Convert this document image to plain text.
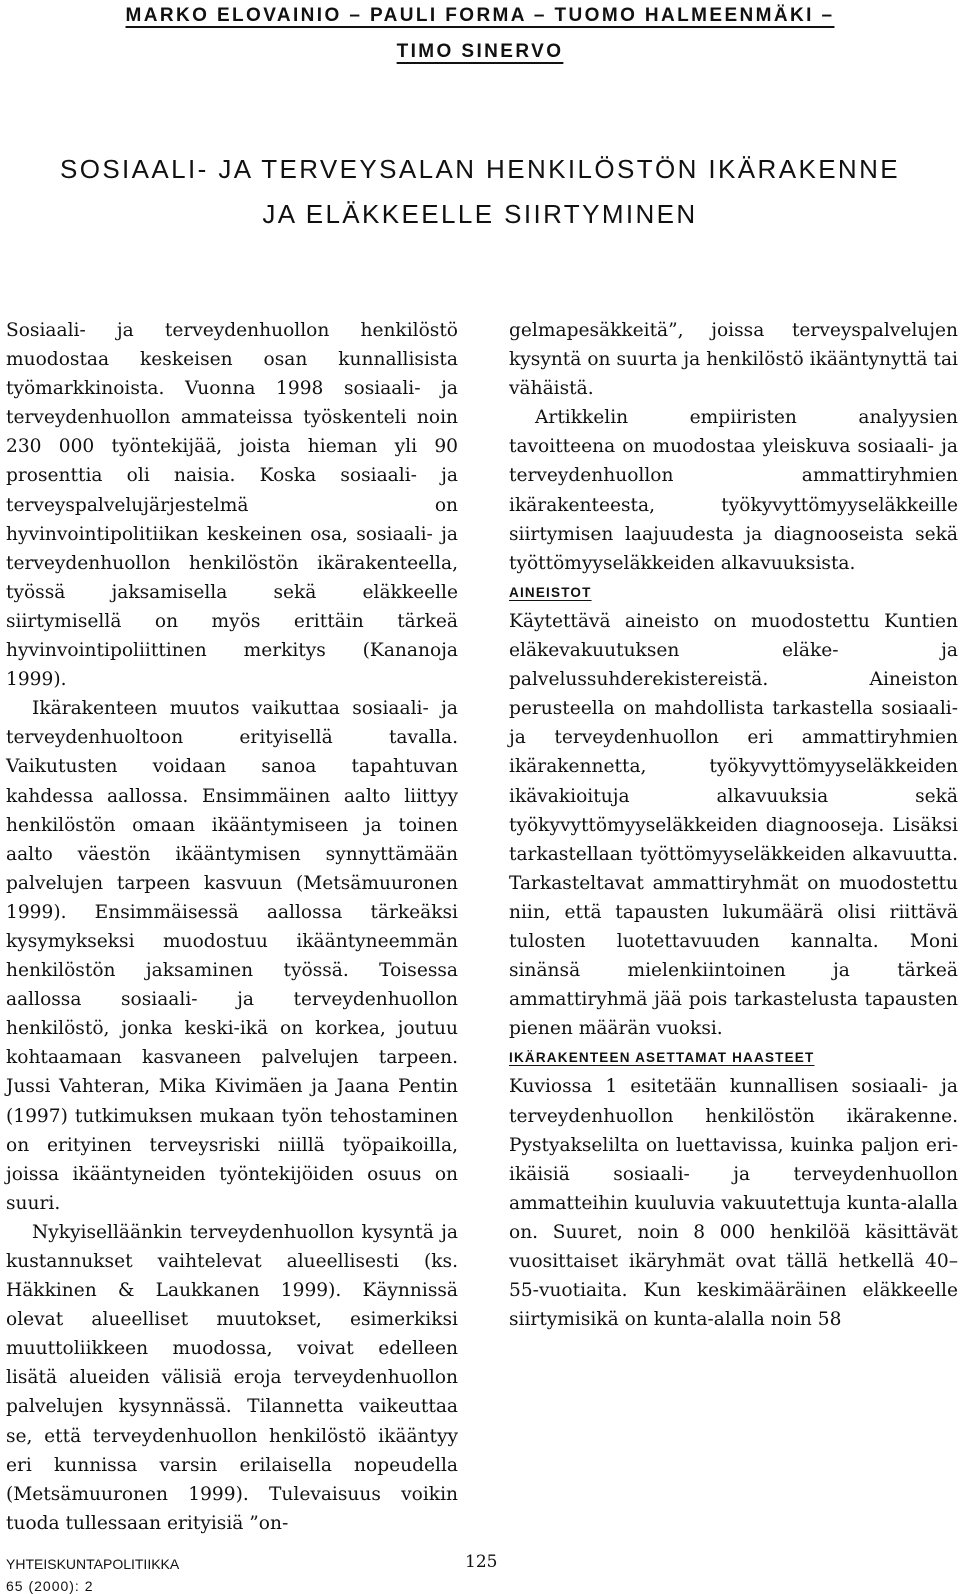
MARKO ELOVAINIO – PAULI FORMA – TUOMO HALMEENMÄKI –

TIMO SINERVO

SOSIAALI- JA TERVEYSALAN HENKILÖSTÖN IKÄRAKENNE
JA ELÄKKEELLE SIIRTYMINEN

Sosiaali- ja terveydenhuollon henkilöstö muodostaa keskeisen osan kunnallisista työmarkkinoista. Vuonna 1998 sosiaali- ja terveydenhuollon ammateissa työskenteli noin 230 000 työntekijää, joista hieman yli 90 prosenttia oli naisia. Koska sosiaali- ja terveyspalvelujärjestelmä on hyvinvointipolitiikan keskeinen osa, sosiaali- ja terveydenhuollon henkilöstön ikärakenteella, työssä jaksamisella sekä eläkkeelle siirtymisellä on myös erittäin tärkeä hyvinvointipoliittinen merkitys (Kananoja 1999).

Ikärakenteen muutos vaikuttaa sosiaali- ja terveydenhuoltoon erityisellä tavalla. Vaikutusten voidaan sanoa tapahtuvan kahdessa aallossa. Ensimmäinen aalto liittyy henkilöstön omaan ikääntymiseen ja toinen aalto väestön ikääntymisen synnyttämään palvelujen tarpeen kasvuun (Metsämuuronen 1999). Ensimmäisessä aallossa tärkeäksi kysymykseksi muodostuu ikääntyneemmän henkilöstön jaksaminen työssä. Toisessa aallossa sosiaali- ja terveydenhuollon henkilöstö, jonka keski-ikä on korkea, joutuu kohtaamaan kasvaneen palvelujen tarpeen. Jussi Vahteran, Mika Kivimäen ja Jaana Pentin (1997) tutkimuksen mukaan työn tehostaminen on erityinen terveysriski niillä työpaikoilla, joissa ikääntyneiden työntekijöiden osuus on suuri.

Nykyiselläänkin terveydenhuollon kysyntä ja kustannukset vaihtelevat alueellisesti (ks. Häkkinen & Laukkanen 1999). Käynnissä olevat alueelliset muutokset, esimerkiksi muuttoliikkeen muodossa, voivat edelleen lisätä alueiden välisiä eroja terveydenhuollon palvelujen kysynnässä. Tilannetta vaikeuttaa se, että terveydenhuollon henkilöstö ikääntyy eri kunnissa varsin erilaisella nopeudella (Metsämuuronen 1999). Tulevaisuus voikin tuoda tullessaan erityisiä ”on-

gelmapesäkkeitä”, joissa terveyspalvelujen kysyntä on suurta ja henkilöstö ikääntynyttä tai vähäistä.

Artikkelin empiiristen analyysien tavoitteena on muodostaa yleiskuva sosiaali- ja terveydenhuollon ammattiryhmien ikärakenteesta, työkyvyttömyyseläkkeille siirtymisen laajuudesta ja diagnooseista sekä työttömyyseläkkeiden alkavuuksista.

AINEISTOT

Käytettävä aineisto on muodostettu Kuntien eläkevakuutuksen eläke- ja palvelussuhderekistereistä. Aineiston perusteella on mahdollista tarkastella sosiaali- ja terveydenhuollon eri ammattiryhmien ikärakennetta, työkyvyttömyyseläkkeiden ikävakioituja alkavuuksia sekä työkyvyttömyyseläkkeiden diagnooseja. Lisäksi tarkastellaan työttömyyseläkkeiden alkavuutta. Tarkasteltavat ammattiryhmät on muodostettu niin, että tapausten lukumäärä olisi riittävä tulosten luotettavuuden kannalta. Moni sinänsä mielenkiintoinen ja tärkeä ammattiryhmä jää pois tarkastelusta tapausten pienen määrän vuoksi.

IKÄRAKENTEEN ASETTAMAT HAASTEET

Kuviossa 1 esitetään kunnallisen sosiaali- ja terveydenhuollon henkilöstön ikärakenne. Pystyakselilta on luettavissa, kuinka paljon eri-ikäisiä sosiaali- ja terveydenhuollon ammatteihin kuuluvia vakuutettuja kunta-alalla on. Suuret, noin 8 000 henkilöä käsittävät vuosittaiset ikäryhmät ovat tällä hetkellä 40–55-vuotiaita. Kun keskimääräinen eläkkeelle siirtymisikä on kunta-alalla noin 58

YHTEISKUNTAPOLITIIKKA
65 (2000): 2
125
